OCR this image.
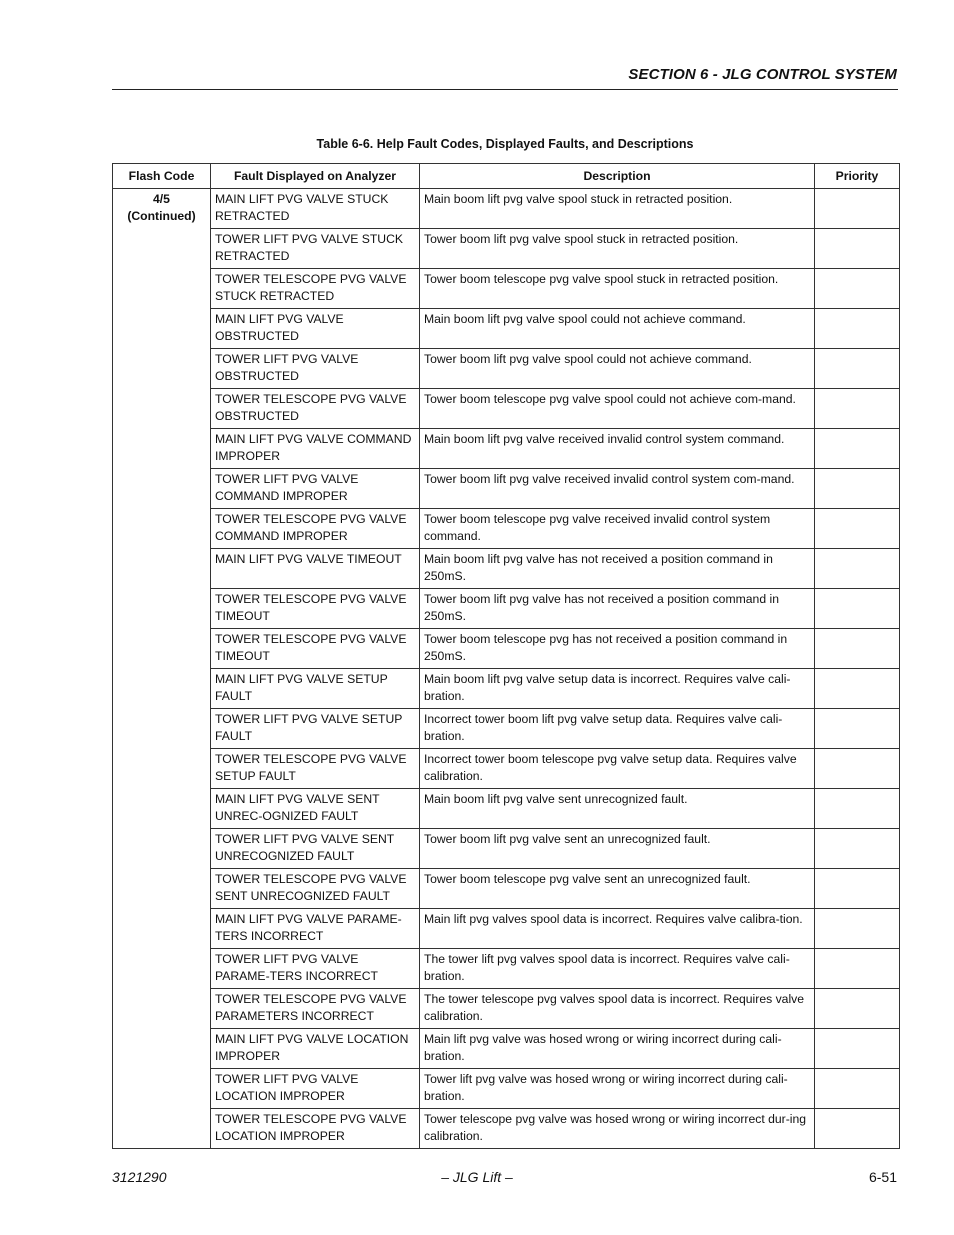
SECTION 6 - JLG CONTROL SYSTEM
Table 6-6. Help Fault Codes, Displayed Faults, and Descriptions
Flash Code	Fault Displayed on Analyzer	Description	Priority

4/5
(Continued)	MAIN LIFT PVG VALVE STUCK RETRACTED	Main boom lift pvg valve spool stuck in retracted position.	
	TOWER LIFT PVG VALVE STUCK RETRACTED	Tower boom lift pvg valve spool stuck in retracted position.	
	TOWER TELESCOPE PVG VALVE STUCK RETRACTED	Tower boom telescope pvg valve spool stuck in retracted position.	
	MAIN LIFT PVG VALVE OBSTRUCTED	Main boom lift pvg valve spool could not achieve command.	
	TOWER LIFT PVG VALVE OBSTRUCTED	Tower boom lift pvg valve spool could not achieve command.	
	TOWER TELESCOPE PVG VALVE OBSTRUCTED	Tower boom telescope pvg valve spool could not achieve com-mand.	
	MAIN LIFT PVG VALVE COMMAND IMPROPER	Main boom lift pvg valve received invalid control system command.	
	TOWER LIFT PVG VALVE COMMAND IMPROPER	Tower boom lift pvg valve received invalid control system com-mand.	
	TOWER TELESCOPE PVG VALVE COMMAND IMPROPER	Tower boom telescope pvg valve received invalid control system command.	
	MAIN LIFT PVG VALVE TIMEOUT	Main boom lift pvg valve has not received a position command in 250mS.	
	TOWER TELESCOPE PVG VALVE TIMEOUT	Tower boom lift pvg valve has not received a position command in 250mS.	
	TOWER TELESCOPE PVG VALVE TIMEOUT	Tower boom telescope pvg has not received a position command in 250mS.	
	MAIN LIFT PVG VALVE SETUP FAULT	Main boom lift pvg valve setup data is incorrect. Requires valve cali-bration.	
	TOWER LIFT PVG VALVE SETUP FAULT	Incorrect tower boom lift pvg valve setup data. Requires valve cali-bration.	
	TOWER TELESCOPE PVG VALVE SETUP FAULT	Incorrect tower boom telescope pvg valve setup data. Requires valve calibration.	
	MAIN LIFT PVG VALVE SENT UNREC-OGNIZED FAULT	Main boom lift pvg valve sent unrecognized fault.	
	TOWER LIFT PVG VALVE SENT UNRECOGNIZED FAULT	Tower boom lift pvg valve sent an unrecognized fault.	
	TOWER TELESCOPE PVG VALVE SENT UNRECOGNIZED FAULT	Tower boom telescope pvg valve sent an unrecognized fault.	
	MAIN LIFT PVG VALVE PARAME-TERS INCORRECT	Main lift pvg valves spool data is incorrect. Requires valve calibra-tion.	
	TOWER LIFT PVG VALVE PARAME-TERS INCORRECT	The tower lift pvg valves spool data is incorrect. Requires valve cali-bration.	
	TOWER TELESCOPE PVG VALVE PARAMETERS INCORRECT	The tower telescope pvg valves spool data is incorrect. Requires valve calibration.	
	MAIN LIFT PVG VALVE LOCATION IMPROPER	Main lift pvg valve was hosed wrong or wiring incorrect during cali-bration.	
	TOWER LIFT PVG VALVE LOCATION IMPROPER	Tower lift pvg valve was hosed wrong or wiring incorrect during cali-bration.	
	TOWER TELESCOPE PVG VALVE LOCATION IMPROPER	Tower telescope pvg valve was hosed wrong or wiring incorrect dur-ing calibration.	
3121290	– JLG Lift –	6-51
